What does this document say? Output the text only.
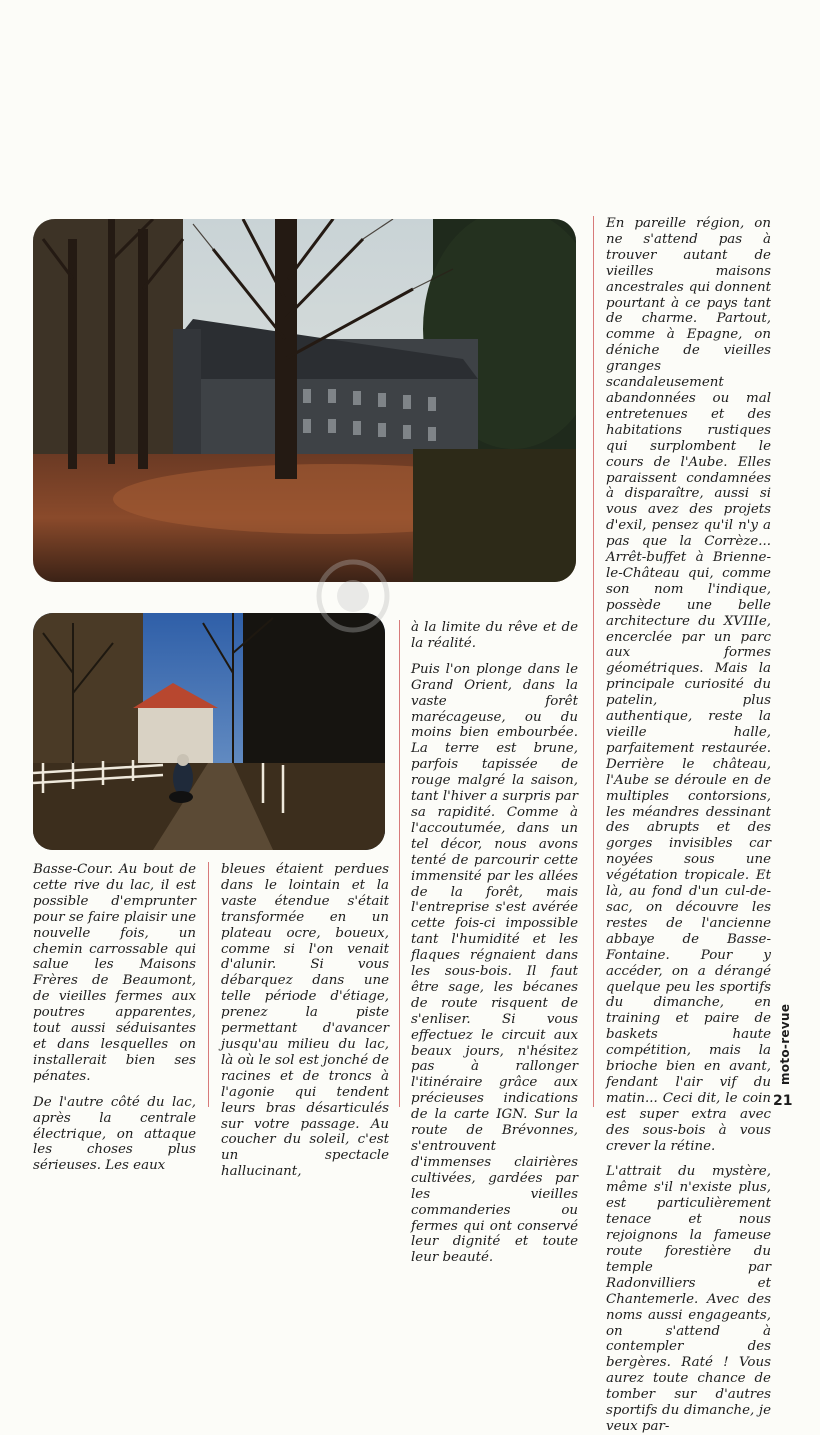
Basse-Cour. Au bout de cette rive du lac, il est possible d'emprunter pour se faire plaisir une nouvelle fois, un chemin carrossable qui salue les Maisons Frères de Beaumont, de vieilles fermes aux poutres apparentes, tout aussi séduisantes et dans lesquelles on installerait bien ses pénates.

De l'autre côté du lac, après la centrale électrique, on attaque les choses plus sérieuses. Les eaux

bleues étaient perdues dans le lointain et la vaste étendue s'était transformée en un plateau ocre, boueux, comme si l'on venait d'alunir. Si vous débarquez dans une telle période d'étiage, prenez la piste permettant d'avancer jusqu'au milieu du lac, là où le sol est jonché de racines et de troncs à l'agonie qui tendent leurs bras désarticulés sur votre passage. Au coucher du soleil, c'est un spectacle hallucinant,

à la limite du rêve et de la réalité.

Puis l'on plonge dans le Grand Orient, dans la vaste forêt marécageuse, ou du moins bien embourbée. La terre est brune, parfois tapissée de rouge malgré la saison, tant l'hiver a surpris par sa rapidité. Comme à l'accoutumée, dans un tel décor, nous avons tenté de parcourir cette immensité par les allées de la forêt, mais l'entreprise s'est avérée cette fois-ci impossible tant l'humidité et les flaques régnaient dans les sous-bois. Il faut être sage, les bécanes de route risquent de s'enliser. Si vous effectuez le circuit aux beaux jours, n'hésitez pas à rallonger l'itinéraire grâce aux précieuses indications de la carte IGN. Sur la route de Brévonnes, s'entrouvent d'immenses clairières cultivées, gardées par les vieilles commanderies ou fermes qui ont conservé leur dignité et toute leur beauté.

En pareille région, on ne s'attend pas à trouver autant de vieilles maisons ancestrales qui donnent pourtant à ce pays tant de charme. Partout, comme à Epagne, on déniche de vieilles granges scandaleusement abandonnées ou mal entretenues et des habitations rustiques qui surplombent le cours de l'Aube. Elles paraissent condamnées à disparaître, aussi si vous avez des projets d'exil, pensez qu'il n'y a pas que la Corrèze... Arrêt-buffet à Brienne-le-Château qui, comme son nom l'indique, possède une belle architecture du XVIIIe, encerclée par un parc aux formes géométriques. Mais la principale curiosité du patelin, plus authentique, reste la vieille halle, parfaitement restaurée. Derrière le château, l'Aube se déroule en de multiples contorsions, les méandres dessinant des abrupts et des gorges invisibles car noyées sous une végétation tropicale. Et là, au fond d'un cul-de-sac, on découvre les restes de l'ancienne abbaye de Basse-Fontaine. Pour y accéder, on a dérangé quelque peu les sportifs du dimanche, en training et paire de baskets haute compétition, mais la brioche bien en avant, fendant l'air vif du matin... Ceci dit, le coin est super extra avec des sous-bois à vous crever la rétine.

L'attrait du mystère, même s'il n'existe plus, est particulièrement tenace et nous rejoignons la fameuse route forestière du temple par Radonvilliers et Chantemerle. Avec des noms aussi engageants, on s'attend à contempler des bergères. Raté ! Vous aurez toute chance de tomber sur d'autres sportifs du dimanche, je veux par-

moto-revue
21
